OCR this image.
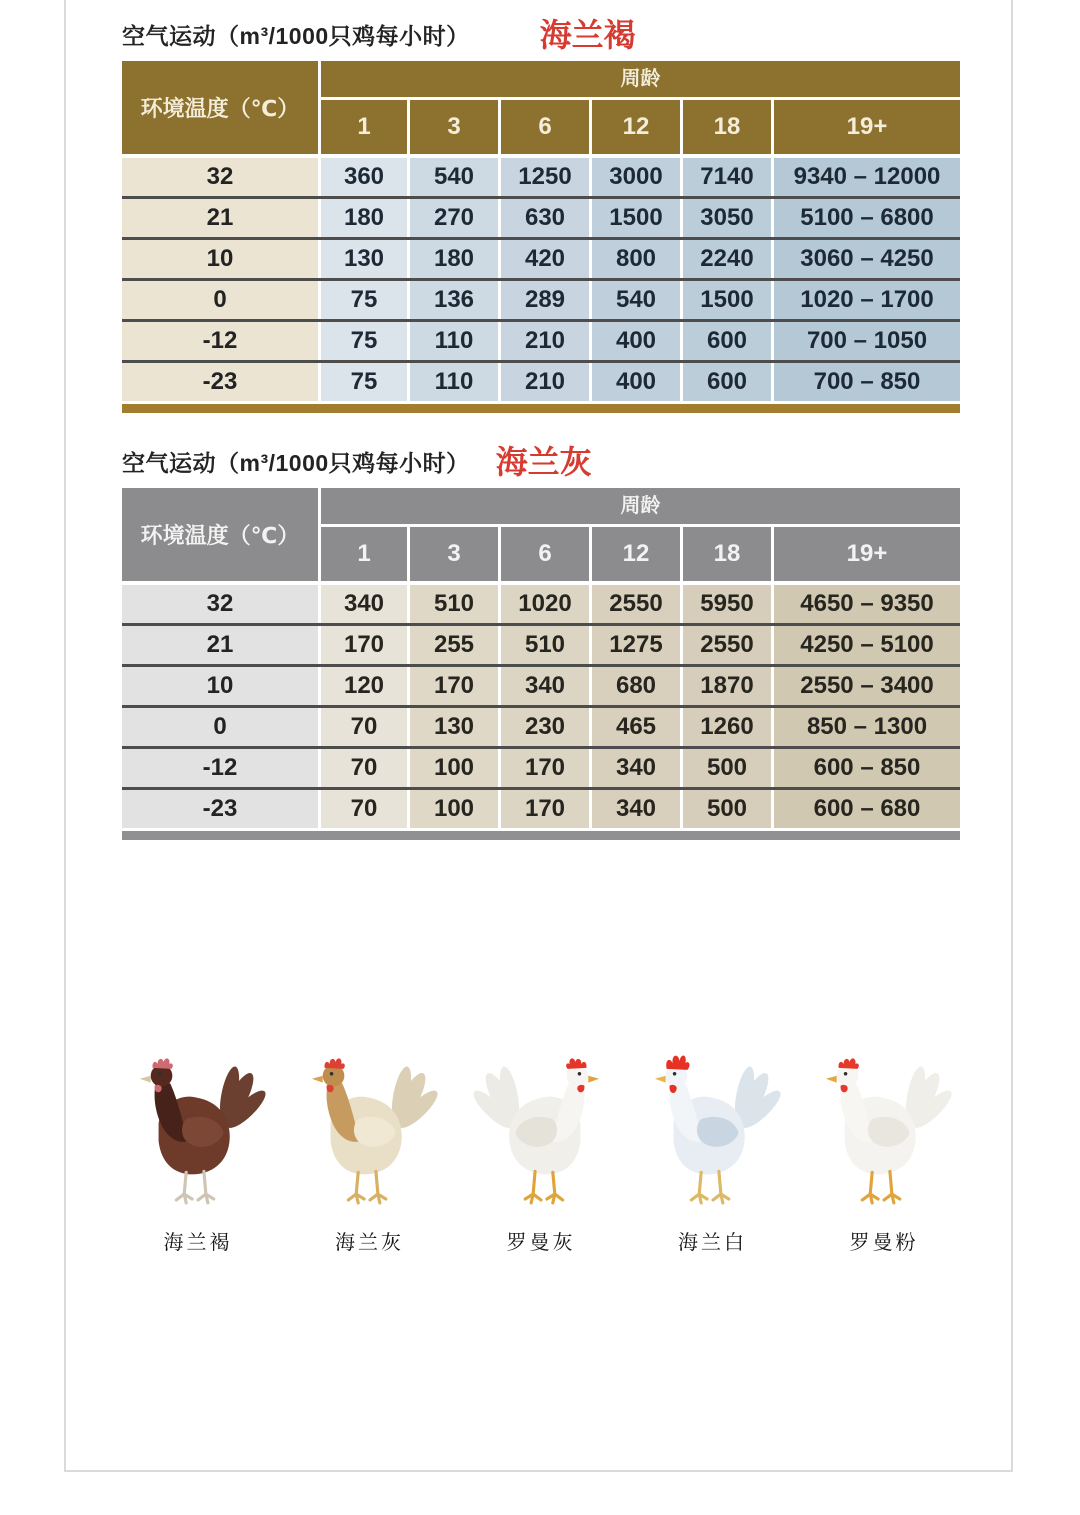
空气运动（m³/1000只鸡每小时） 海兰褐
环境温度（℃）
周龄
1	3	6	12	18	19+
32	360	540	1250	3000	7140	9340 – 12000
21	180	270	630	1500	3050	5100 – 6800
10	130	180	420	800	2240	3060 – 4250
0	75	136	289	540	1500	1020 – 1700
-12	75	110	210	400	600	700 – 1050
-23	75	110	210	400	600	700 – 850
空气运动（m³/1000只鸡每小时） 海兰灰
环境温度（℃）
周龄
1	3	6	12	18	19+
32	340	510	1020	2550	5950	4650 – 9350
21	170	255	510	1275	2550	4250 – 5100
10	120	170	340	680	1870	2550 – 3400
0	70	130	230	465	1260	850 – 1300
-12	70	100	170	340	500	600 – 850
-23	70	100	170	340	500	600 – 680
海兰褐	海兰灰	罗曼灰	海兰白	罗曼粉
